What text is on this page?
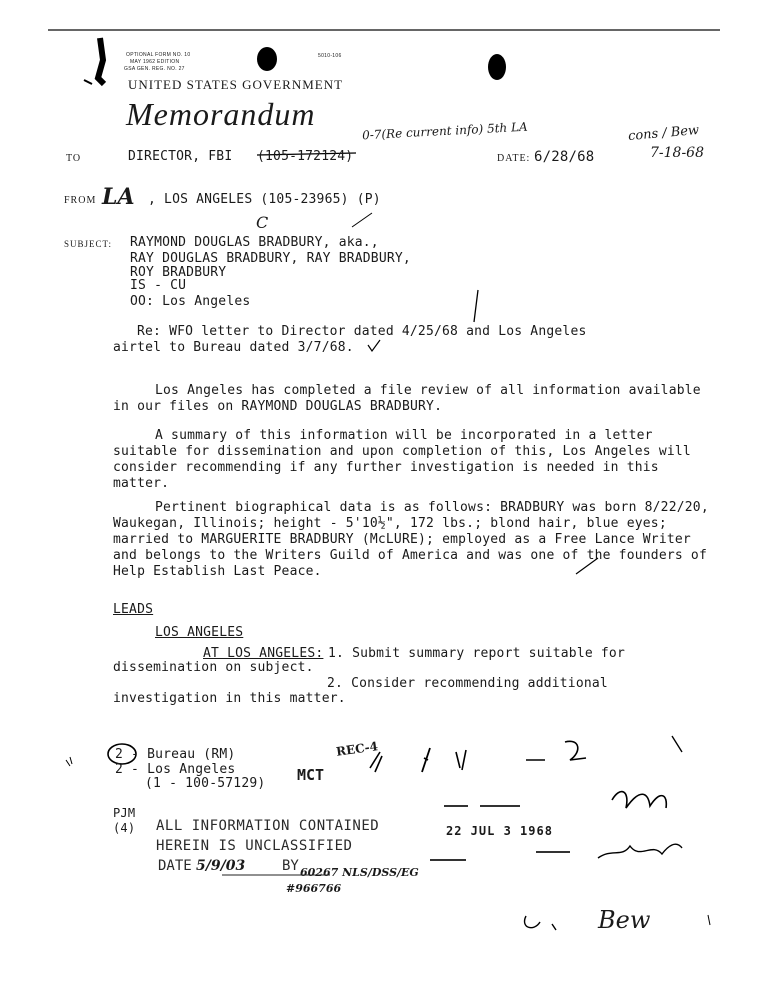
OPTIONAL FORM NO. 10
MAY 1962 EDITION
GSA GEN. REG. NO. 27
5010-106
UNITED STATES GOVERNMENT
Memorandum	0-7(Re current info) 5th LA	cons / Bew
7-18-68
TO	DIRECTOR, FBI (105-172124)	DATE: 6/28/68
FROM LA , LOS ANGELES (105-23965) (P)
C
SUBJECT: RAYMOND DOUGLAS BRADBURY, aka.,
RAY DOUGLAS BRADBURY, RAY BRADBURY,
ROY BRADBURY
IS - CU
OO: Los Angeles
Re: WFO letter to Director dated 4/25/68 and Los Angeles
airtel to Bureau dated 3/7/68.
Los Angeles has completed a file review of all information available in our files on RAYMOND DOUGLAS BRADBURY.
A summary of this information will be incorporated in a letter suitable for dissemination and upon completion of this, Los Angeles will consider recommending if any further investigation is needed in this matter.
Pertinent biographical data is as follows: BRADBURY was born 8/22/20, Waukegan, Illinois; height - 5'10½", 172 lbs.; blond hair, blue eyes; married to MARGUERITE BRADBURY (McLURE); employed as a Free Lance Writer and belongs to the Writers Guild of America and was one of the founders of Help Establish Last Peace.
LEADS
LOS ANGELES
AT LOS ANGELES: 1. Submit summary report suitable for
dissemination on subject.
2. Consider recommending additional
investigation in this matter.
2 - Bureau (RM)
2 - Los Angeles
(1 - 100-57129)
PJM
(4)
REC-4
MCT
ALL INFORMATION CONTAINED
HEREIN IS UNCLASSIFIED
DATE 5/9/03	BY 60267 NLS/DSS/EG
#966766
22 JUL 3 1968
Bew
